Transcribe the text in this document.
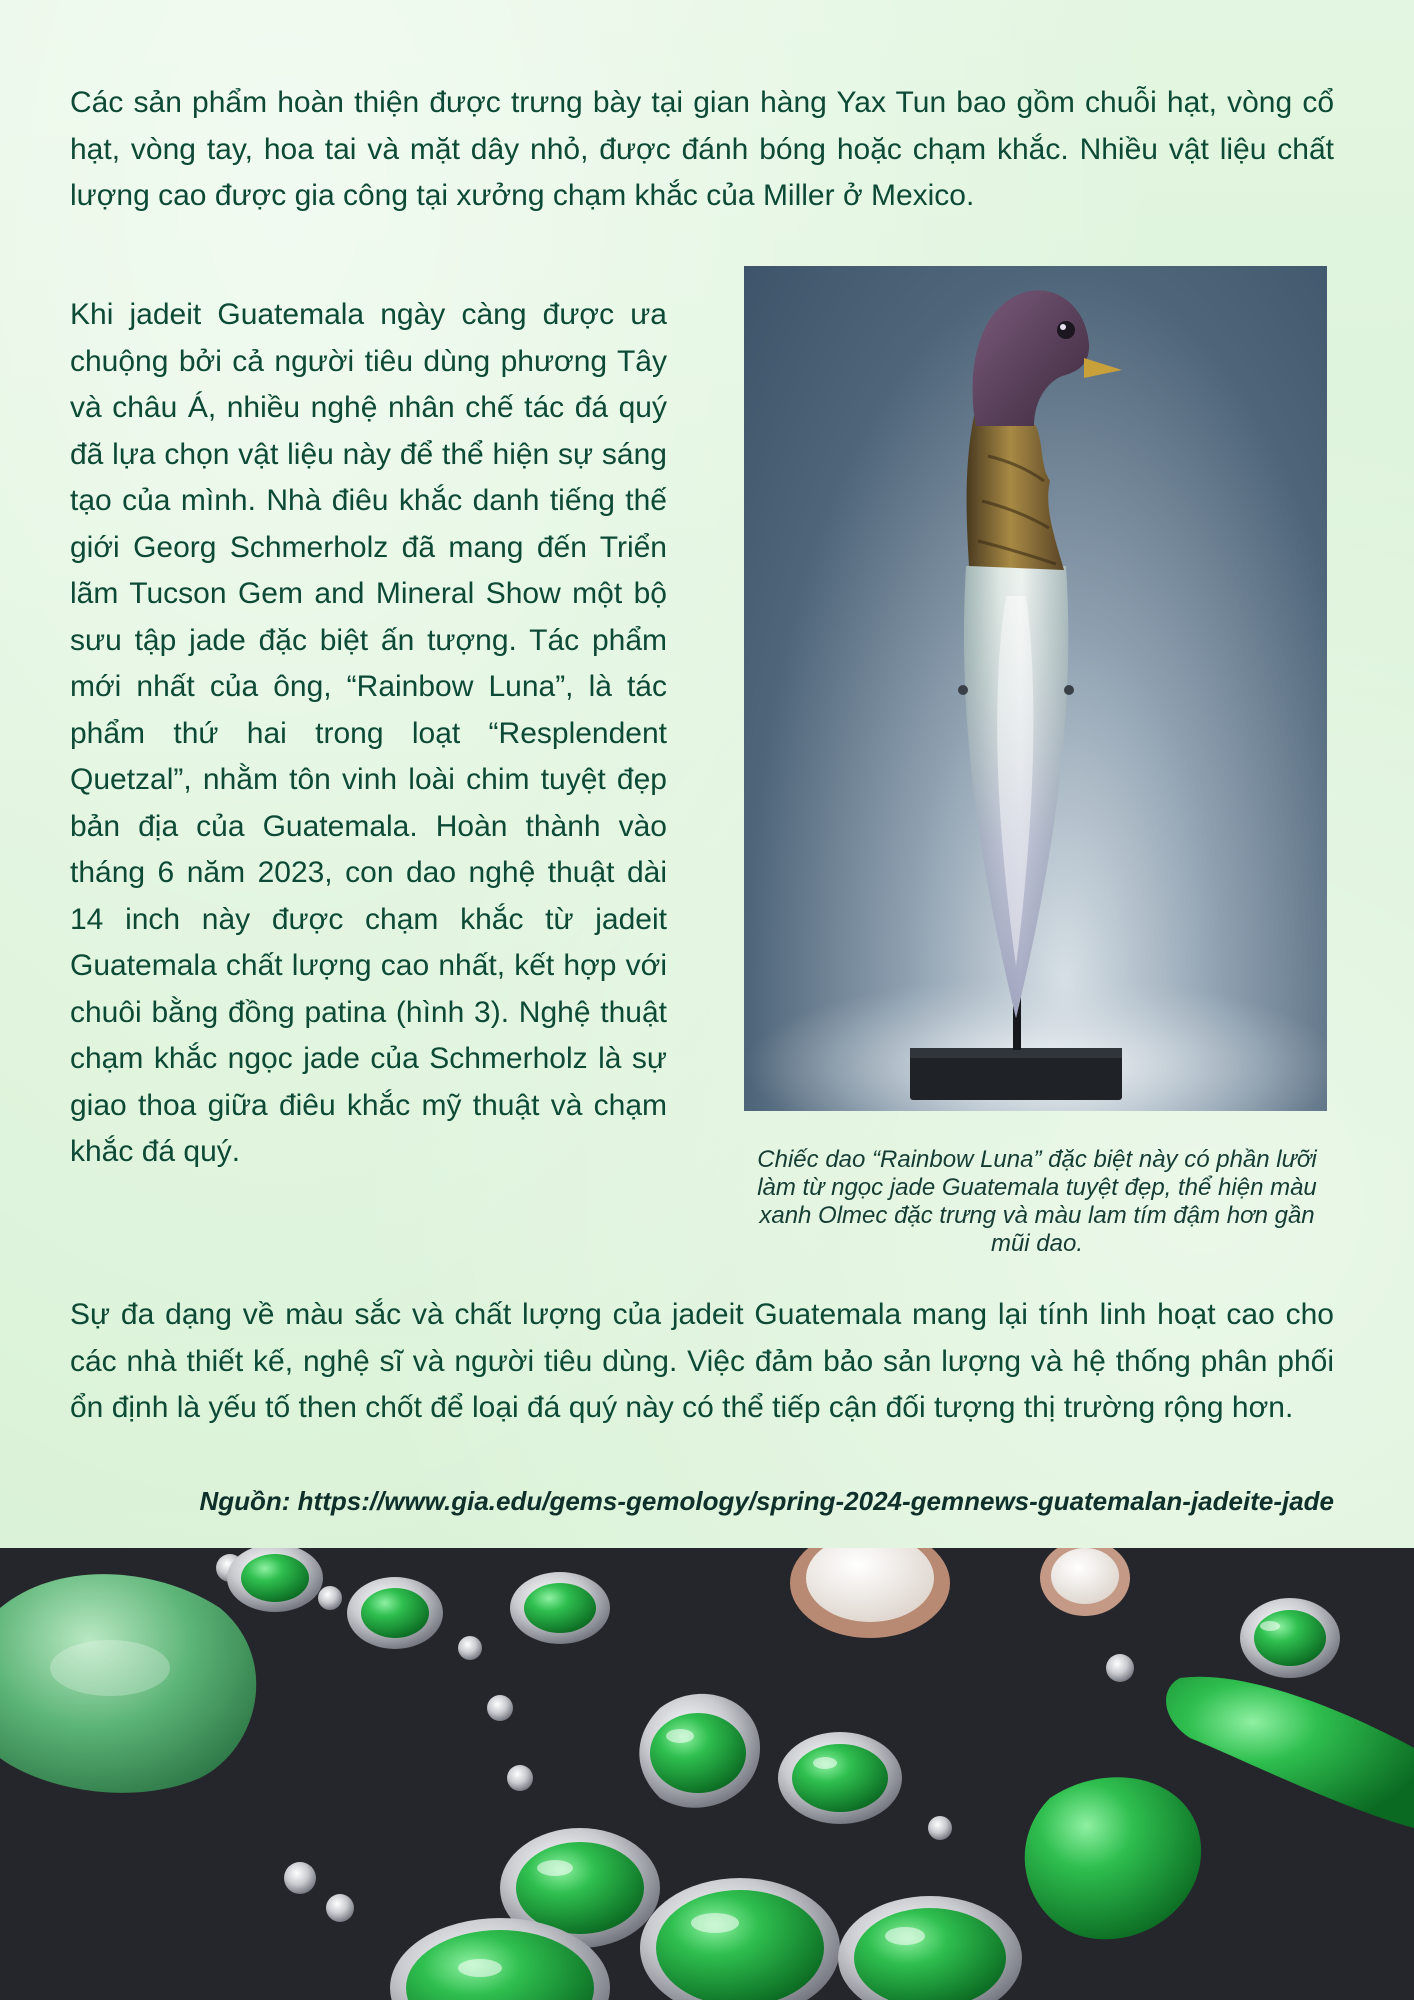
Các sản phẩm hoàn thiện được trưng bày tại gian hàng Yax Tun bao gồm chuỗi hạt, vòng cổ hạt, vòng tay, hoa tai và mặt dây nhỏ, được đánh bóng hoặc chạm khắc. Nhiều vật liệu chất lượng cao được gia công tại xưởng chạm khắc của Miller ở Mexico.

Khi jadeit Guatemala ngày càng được ưa chuộng bởi cả người tiêu dùng phương Tây và châu Á, nhiều nghệ nhân chế tác đá quý đã lựa chọn vật liệu này để thể hiện sự sáng tạo của mình. Nhà điêu khắc danh tiếng thế giới Georg Schmerholz đã mang đến Triển lãm Tucson Gem and Mineral Show một bộ sưu tập jade đặc biệt ấn tượng. Tác phẩm mới nhất của ông, “Rainbow Luna”, là tác phẩm thứ hai trong loạt “Resplendent Quetzal”, nhằm tôn vinh loài chim tuyệt đẹp bản địa của Guatemala. Hoàn thành vào tháng 6 năm 2023, con dao nghệ thuật dài 14 inch này được chạm khắc từ jadeit Guatemala chất lượng cao nhất, kết hợp với chuôi bằng đồng patina (hình 3). Nghệ thuật chạm khắc ngọc jade của Schmerholz là sự giao thoa giữa điêu khắc mỹ thuật và chạm khắc đá quý.	Chiếc dao “Rainbow Luna” đặc biệt này có phần lưỡi làm từ ngọc jade Guatemala tuyệt đẹp, thể hiện màu xanh Olmec đặc trưng và màu lam tím đậm hơn gần mũi dao.

Sự đa dạng về màu sắc và chất lượng của jadeit Guatemala mang lại tính linh hoạt cao cho các nhà thiết kế, nghệ sĩ và người tiêu dùng. Việc đảm bảo sản lượng và hệ thống phân phối ổn định là yếu tố then chốt để loại đá quý này có thể tiếp cận đối tượng thị trường rộng hơn.

Nguồn: https://www.gia.edu/gems-gemology/spring-2024-gemnews-guatemalan-jadeite-jade
